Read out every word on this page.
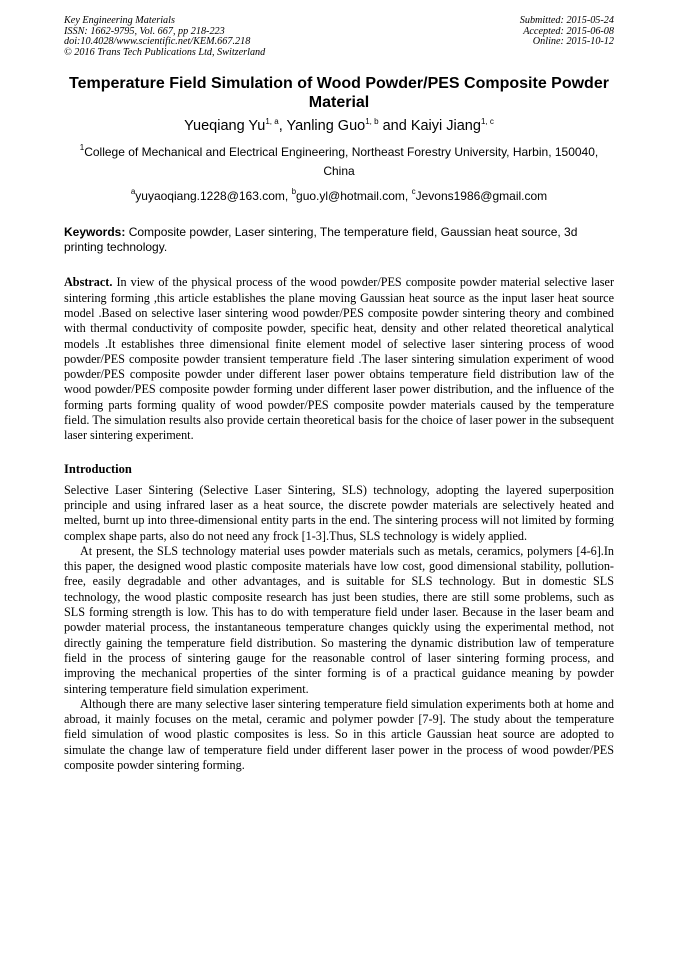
Key Engineering Materials
ISSN: 1662-9795, Vol. 667, pp 218-223
doi:10.4028/www.scientific.net/KEM.667.218
© 2016 Trans Tech Publications Ltd, Switzerland
Submitted: 2015-05-24
Accepted: 2015-06-08
Online: 2015-10-12
Temperature Field Simulation of Wood Powder/PES Composite Powder Material
Yueqiang Yu$^{1, a}$, Yanling Guo$^{1, b}$ and Kaiyi Jiang$^{1, c}$
$^1$College of Mechanical and Electrical Engineering, Northeast Forestry University, Harbin, 150040, China
$^a$yuyaoqiang.1228@163.com, $^b$guo.yl@hotmail.com, $^c$Jevons1986@gmail.com
Keywords: Composite powder, Laser sintering, The temperature field, Gaussian heat source, 3d printing technology.
Abstract. In view of the physical process of the wood powder/PES composite powder material selective laser sintering forming ,this article establishes the plane moving Gaussian heat source as the input laser heat source model .Based on selective laser sintering wood powder/PES composite powder sintering theory and combined with thermal conductivity of composite powder, specific heat, density and other related theoretical analytical models .It establishes three dimensional finite element model of selective laser sintering process of wood powder/PES composite powder transient temperature field .The laser sintering simulation experiment of wood powder/PES composite powder under different laser power obtains temperature field distribution law of the wood powder/PES composite powder forming under different laser power distribution, and the influence of the forming parts forming quality of wood powder/PES composite powder materials caused by the temperature field. The simulation results also provide certain theoretical basis for the choice of laser power in the subsequent laser sintering experiment.
Introduction
Selective Laser Sintering (Selective Laser Sintering, SLS) technology, adopting the layered superposition principle and using infrared laser as a heat source, the discrete powder materials are selectively heated and melted, burnt up into three-dimensional entity parts in the end. The sintering process will not limited by forming complex shape parts, also do not need any frock [1-3].Thus, SLS technology is widely applied.
At present, the SLS technology material uses powder materials such as metals, ceramics, polymers [4-6].In this paper, the designed wood plastic composite materials have low cost, good dimensional stability, pollution-free, easily degradable and other advantages, and is suitable for SLS technology. But in domestic SLS technology, the wood plastic composite research has just been studies, there are still some problems, such as SLS forming strength is low. This has to do with temperature field under laser. Because in the laser beam and powder material process, the instantaneous temperature changes quickly using the experimental method, not directly gaining the temperature field distribution. So mastering the dynamic distribution law of temperature field in the process of sintering gauge for the reasonable control of laser sintering forming process, and improving the mechanical properties of the sinter forming is of a practical guidance meaning by powder sintering temperature field simulation experiment.
Although there are many selective laser sintering temperature field simulation experiments both at home and abroad, it mainly focuses on the metal, ceramic and polymer powder [7-9]. The study about the temperature field simulation of wood plastic composites is less. So in this article Gaussian heat source are adopted to simulate the change law of temperature field under different laser power in the process of wood powder/PES composite powder sintering forming.
